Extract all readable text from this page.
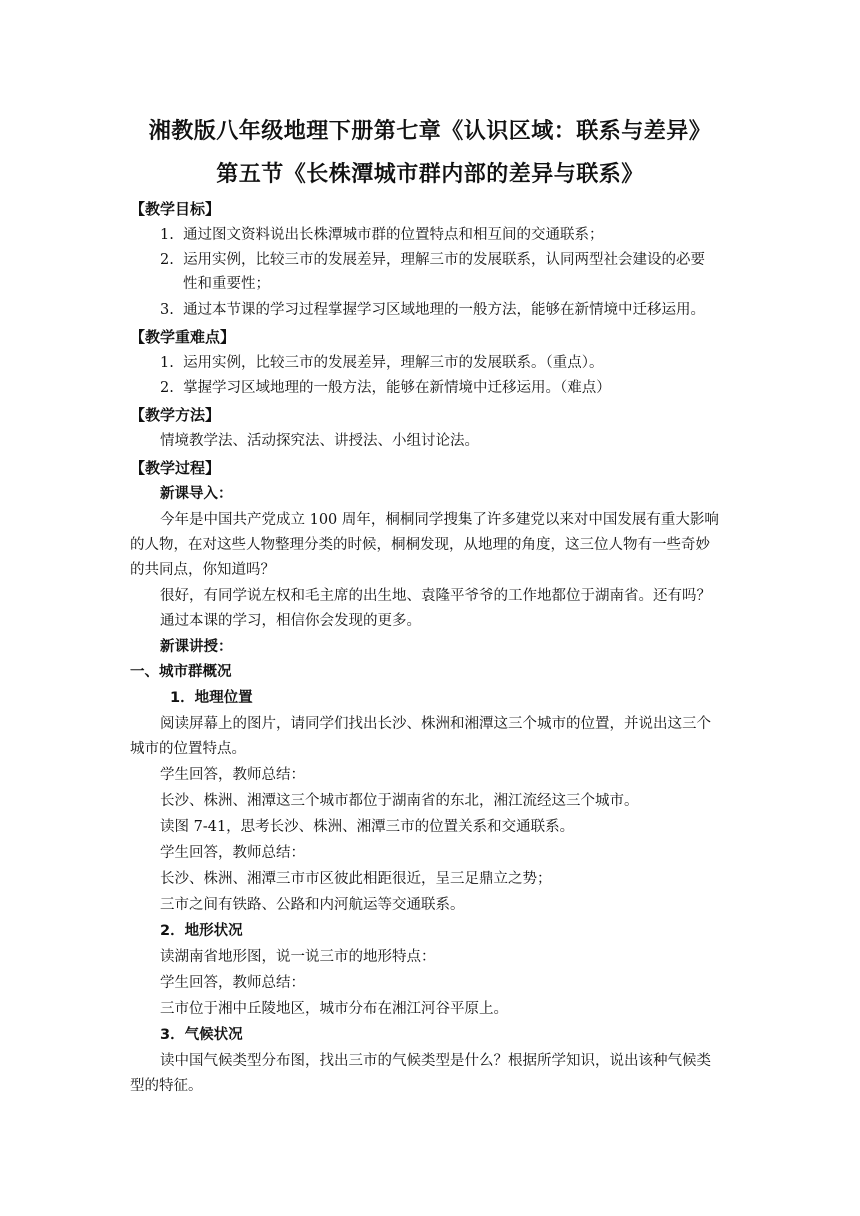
湘教版八年级地理下册第七章《认识区域：联系与差异》
第五节《长株潭城市群内部的差异与联系》
【教学目标】
1. 通过图文资料说出长株潭城市群的位置特点和相互间的交通联系；
2. 运用实例，比较三市的发展差异，理解三市的发展联系，认同两型社会建设的必要
性和重要性；
3. 通过本节课的学习过程掌握学习区域地理的一般方法，能够在新情境中迁移运用。
【教学重难点】
1. 运用实例，比较三市的发展差异，理解三市的发展联系。（重点）。
2. 掌握学习区域地理的一般方法，能够在新情境中迁移运用。（难点）
【教学方法】
情境教学法、活动探究法、讲授法、小组讨论法。
【教学过程】
新课导入：
今年是中国共产党成立 100 周年，桐桐同学搜集了许多建党以来对中国发展有重大影响
的人物，在对这些人物整理分类的时候，桐桐发现，从地理的角度，这三位人物有一些奇妙
的共同点，你知道吗？
很好，有同学说左权和毛主席的出生地、袁隆平爷爷的工作地都位于湖南省。还有吗？
通过本课的学习，相信你会发现的更多。
新课讲授：
一、城市群概况
1．地理位置
阅读屏幕上的图片，请同学们找出长沙、株洲和湘潭这三个城市的位置，并说出这三个
城市的位置特点。
学生回答，教师总结：
长沙、株洲、湘潭这三个城市都位于湖南省的东北，湘江流经这三个城市。
读图 7-41，思考长沙、株洲、湘潭三市的位置关系和交通联系。
学生回答，教师总结：
长沙、株洲、湘潭三市市区彼此相距很近，呈三足鼎立之势；
三市之间有铁路、公路和内河航运等交通联系。
2．地形状况
读湖南省地形图，说一说三市的地形特点：
学生回答，教师总结：
三市位于湘中丘陵地区，城市分布在湘江河谷平原上。
3．气候状况
读中国气候类型分布图，找出三市的气候类型是什么？根据所学知识，说出该种气候类
型的特征。
